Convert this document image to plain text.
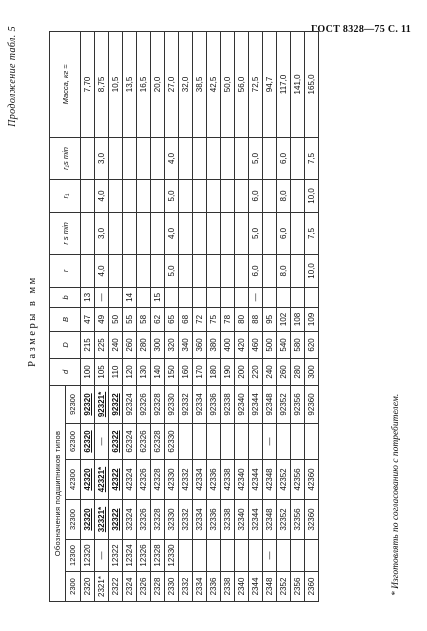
ГОСТ 8328—75 С. 11
Продолжение табл. 5
Размеры в мм
Обозначения подшипников типов						d	D	B	b	r	r s min	r₁	r₁s min	Масса, кг ≈
2300	12300	32300	42300	62300	92300									
2320	12320	32320	42320	62320	92320	100	215	47	13					7,70
2321*	—	32321*	42321*	—	92321*	105	225	49	—	4,0	3,0	4,0	3,0	8,75
2322	12322	32322	42322	62322	92322	110	240	50						10,5
2324	12324	32324	42324	62324	92324	120	260	55	14					13,5
2326	12326	32326	42326	62326	92326	130	280	58						16,5
2328	12328	32328	42328	62328	92328	140	300	62	15					20,0
2330	12330	32330	42330	62330	92330	150	320	65		5,0	4,0	5,0	4,0	27,0
2332		32332	42332		92332	160	340	68						32,0
2334		32334	42334		92334	170	360	72						38,5
2336		32336	42336		92336	180	380	75						42,5
2338		32338	42338		92338	190	400	78						50,0
2340		32340	42340		92340	200	420	80						56,0
2344		32344	42344		92344	220	460	88	—	6,0	5,0	6,0	5,0	72,5
2348	—	32348	42348	—	92348	240	500	95						94,7
2352		32352	42352		92352	260	540	102		8,0	6,0	8,0	6,0	117,0
2356		32356	42356		92356	280	580	108						141,0
2360		32360	42360		92360	300	620	109		10,0	7,5	10,0	7,5	165,0
* Изготовлять по согласованию с потребителем.
